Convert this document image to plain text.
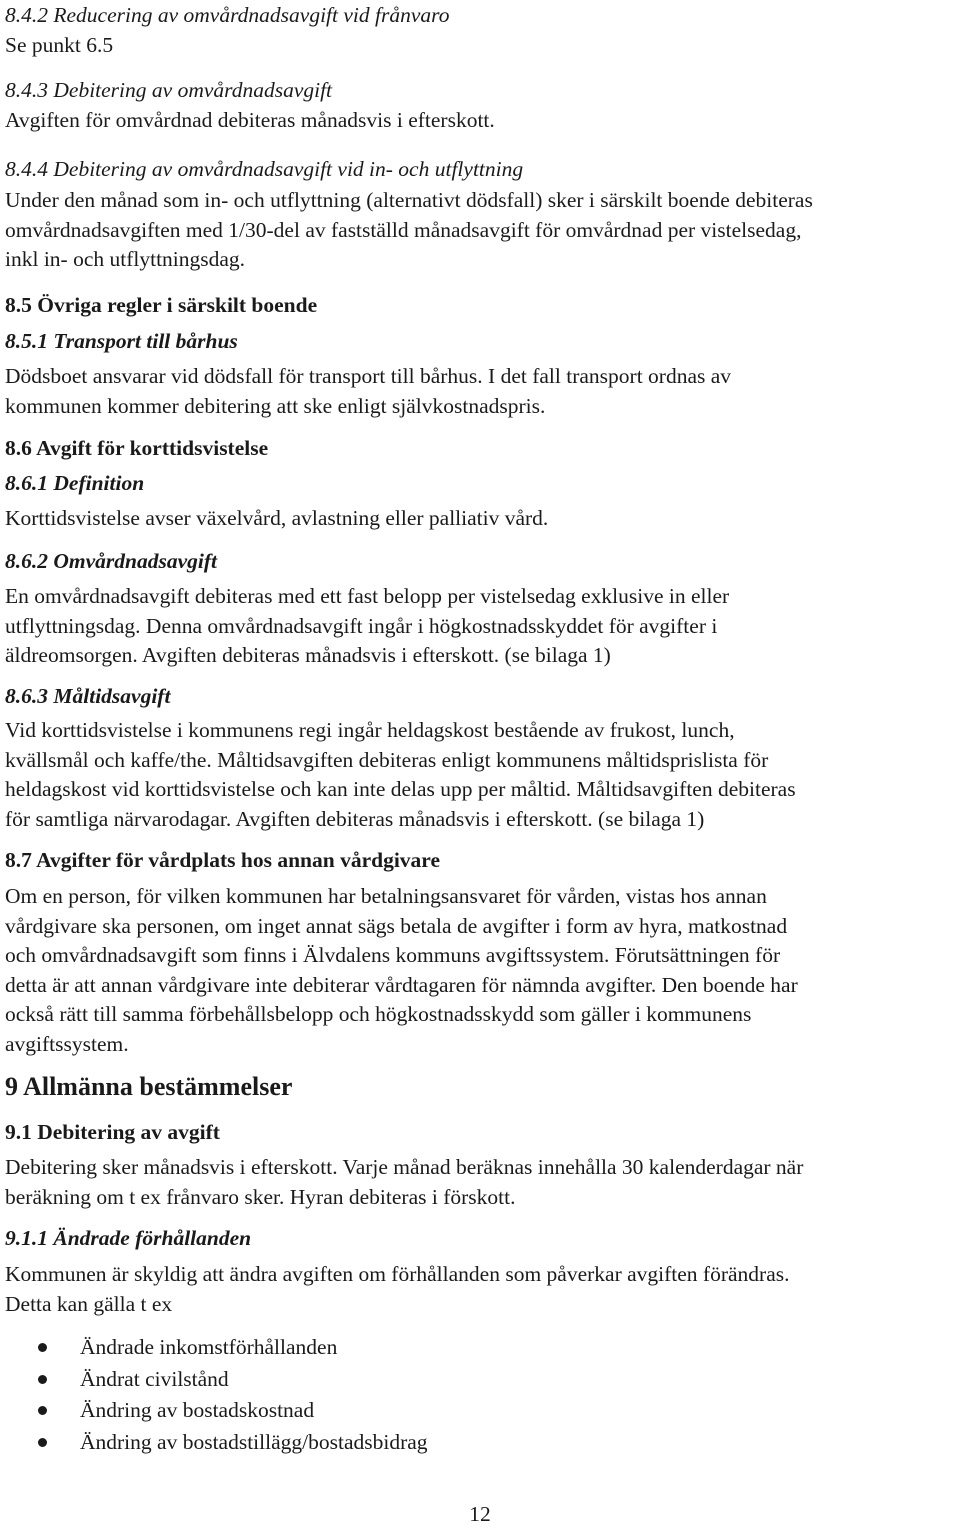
8.4.2 Reducering av omvårdnadsavgift vid frånvaro
Se punkt 6.5
8.4.3 Debitering av omvårdnadsavgift
Avgiften för omvårdnad debiteras månadsvis i efterskott.
8.4.4 Debitering av omvårdnadsavgift vid in- och utflyttning
Under den månad som in- och utflyttning (alternativt dödsfall) sker i särskilt boende debiteras
omvårdnadsavgiften med 1/30-del av fastställd månadsavgift för omvårdnad per vistelsedag,
inkl in- och utflyttningsdag.
8.5 Övriga regler i särskilt boende
8.5.1 Transport till bårhus
Dödsboet ansvarar vid dödsfall för transport till bårhus. I det fall transport ordnas av
kommunen kommer debitering att ske enligt självkostnadspris.
8.6 Avgift för korttidsvistelse
8.6.1 Definition
Korttidsvistelse avser växelvård, avlastning eller palliativ vård.
8.6.2 Omvårdnadsavgift
En omvårdnadsavgift debiteras med ett fast belopp per vistelsedag exklusive in eller
utflyttningsdag. Denna omvårdnadsavgift ingår i högkostnadsskyddet för avgifter i
äldreomsorgen. Avgiften debiteras månadsvis i efterskott. (se bilaga 1)
8.6.3 Måltidsavgift
Vid korttidsvistelse i kommunens regi ingår heldagskost bestående av frukost, lunch,
kvällsmål och kaffe/the. Måltidsavgiften debiteras enligt kommunens måltidsprislista för
heldagskost vid korttidsvistelse och kan inte delas upp per måltid. Måltidsavgiften debiteras
för samtliga närvarodagar. Avgiften debiteras månadsvis i efterskott. (se bilaga 1)
8.7 Avgifter för vårdplats hos annan vårdgivare
Om en person, för vilken kommunen har betalningsansvaret för vården, vistas hos annan
vårdgivare ska personen, om inget annat sägs betala de avgifter i form av hyra, matkostnad
och omvårdnadsavgift som finns i Älvdalens kommuns avgiftssystem. Förutsättningen för
detta är att annan vårdgivare inte debiterar vårdtagaren för nämnda avgifter. Den boende har
också rätt till samma förbehållsbelopp och högkostnadsskydd som gäller i kommunens
avgiftssystem.
9 Allmänna bestämmelser
9.1 Debitering av avgift
Debitering sker månadsvis i efterskott. Varje månad beräknas innehålla 30 kalenderdagar när
beräkning om t ex frånvaro sker. Hyran debiteras i förskott.
9.1.1 Ändrade förhållanden
Kommunen är skyldig att ändra avgiften om förhållanden som påverkar avgiften förändras.
Detta kan gälla t ex
Ändrade inkomstförhållanden
Ändrat civilstånd
Ändring av bostadskostnad
Ändring av bostadstillägg/bostadsbidrag
12
